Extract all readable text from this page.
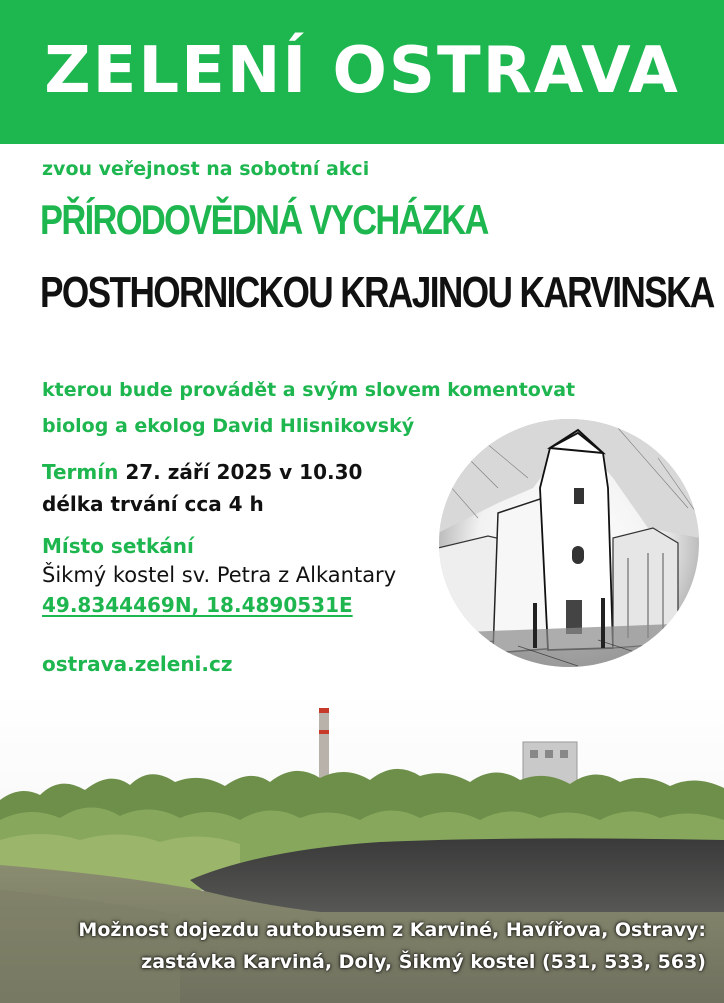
ZELENÍ OSTRAVA
zvou veřejnost na sobotní akci
PŘÍRODOVĚDNÁ VYCHÁZKA
POSTHORNICKOU KRAJINOU KARVINSKA
kterou bude provádět a svým slovem komentovat
biolog a ekolog David Hlisnikovský
Termín 27. září 2025 v 10.30
délka trvání cca 4 h
Místo setkání
Šikmý kostel sv. Petra z Alkantary
49.8344469N, 18.4890531E
ostrava.zeleni.cz
Možnost dojezdu autobusem z Karviné, Havířova, Ostravy:
zastávka Karviná, Doly, Šikmý kostel (531, 533, 563)
